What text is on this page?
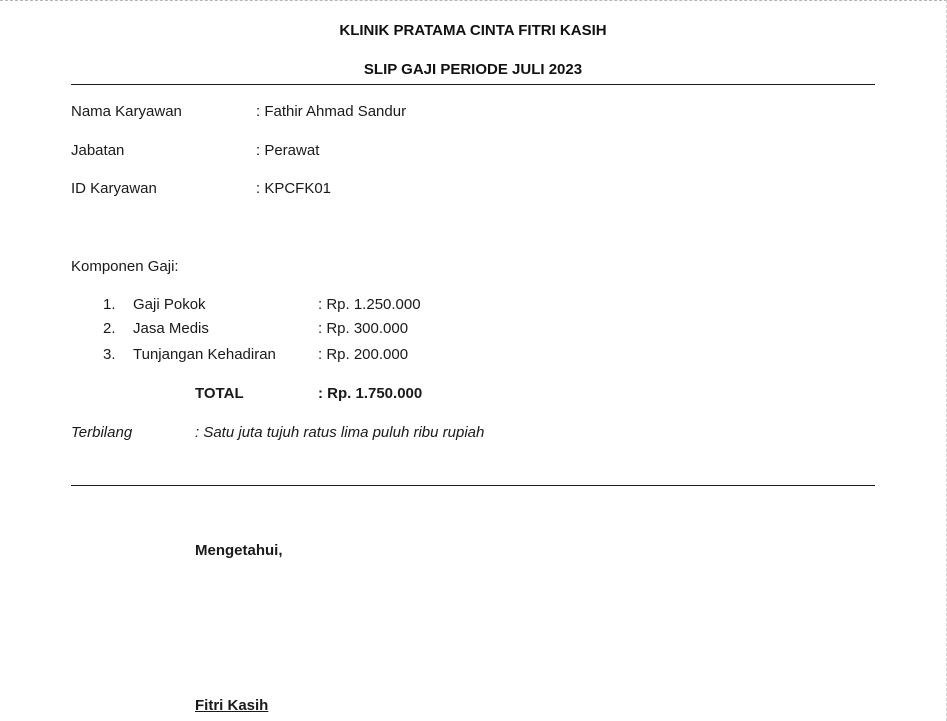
KLINIK PRATAMA CINTA FITRI KASIH
SLIP GAJI PERIODE JULI 2023
Nama Karyawan	: Fathir Ahmad Sandur
Jabatan	: Perawat
ID Karyawan	: KPCFK01
Komponen Gaji:
1. Gaji Pokok	: Rp. 1.250.000
2. Jasa Medis	: Rp. 300.000
3. Tunjangan Kehadiran	: Rp. 200.000
TOTAL	: Rp. 1.750.000
Terbilang	: Satu juta tujuh ratus lima puluh ribu rupiah
Mengetahui,
Fitri Kasih
